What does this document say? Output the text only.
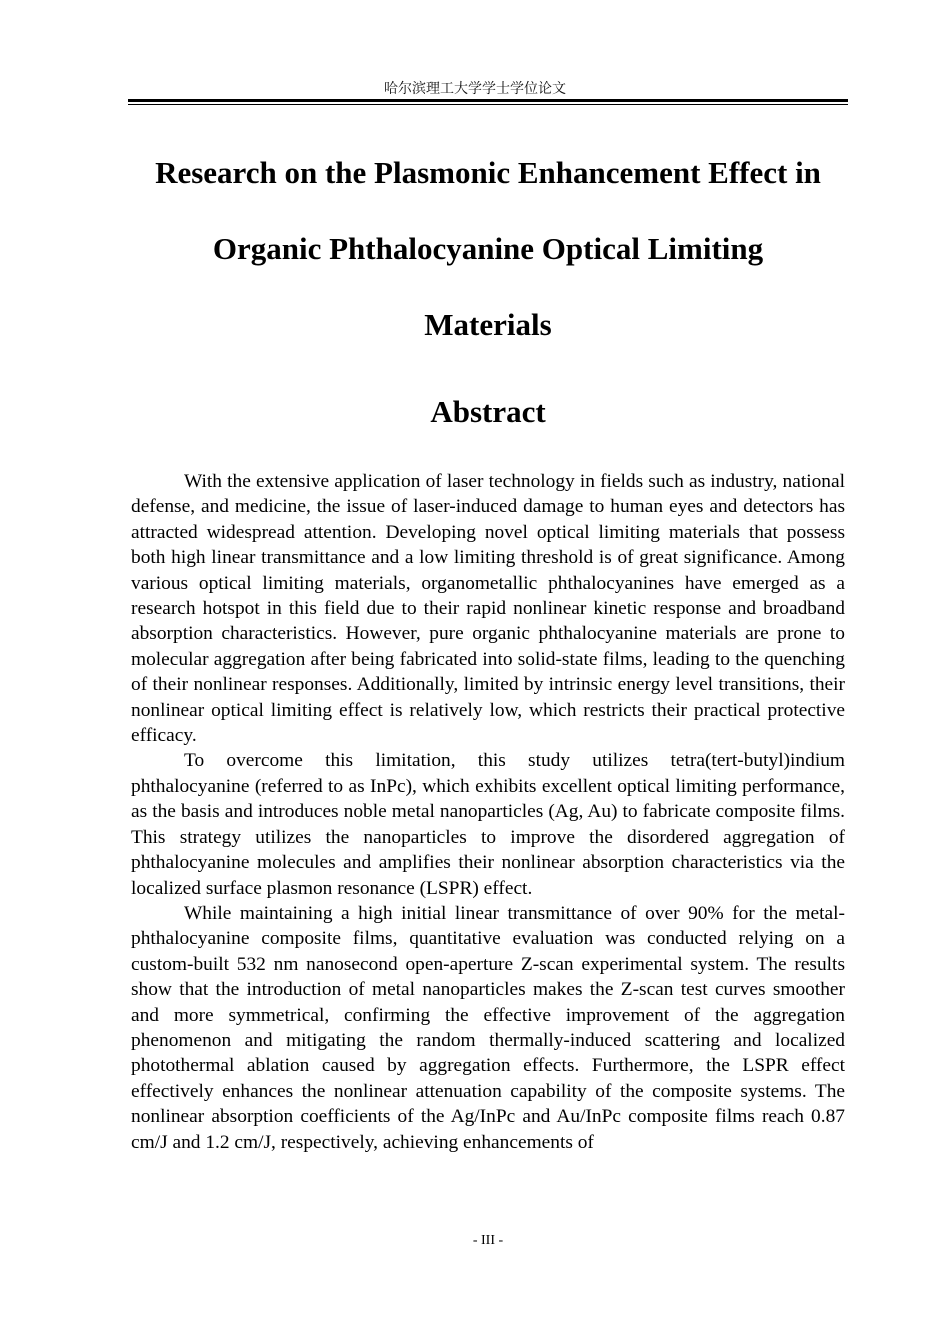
哈尔滨理工大学学士学位论文
Research on the Plasmonic Enhancement Effect in
Organic Phthalocyanine Optical Limiting
Materials
Abstract

With the extensive application of laser technology in fields such as industry, national defense, and medicine, the issue of laser-induced damage to human eyes and detectors has attracted widespread attention. Developing novel optical limiting materials that possess both high linear transmittance and a low limiting threshold is of great significance. Among various optical limiting materials, organometallic phthalocyanines have emerged as a research hotspot in this field due to their rapid nonlinear kinetic response and broadband absorption characteristics. However, pure organic phthalocyanine materials are prone to molecular aggregation after being fabricated into solid-state films, leading to the quenching of their nonlinear responses. Additionally, limited by intrinsic energy level transitions, their nonlinear optical limiting effect is relatively low, which restricts their practical protective efficacy.

To overcome this limitation, this study utilizes tetra(tert-butyl)indium phthalocyanine (referred to as InPc), which exhibits excellent optical limiting performance, as the basis and introduces noble metal nanoparticles (Ag, Au) to fabricate composite films. This strategy utilizes the nanoparticles to improve the disordered aggregation of phthalocyanine molecules and amplifies their nonlinear absorption characteristics via the localized surface plasmon resonance (LSPR) effect.

While maintaining a high initial linear transmittance of over 90% for the metal-phthalocyanine composite films, quantitative evaluation was conducted relying on a custom-built 532 nm nanosecond open-aperture Z-scan experimental system. The results show that the introduction of metal nanoparticles makes the Z-scan test curves smoother and more symmetrical, confirming the effective improvement of the aggregation phenomenon and mitigating the random thermally-induced scattering and localized photothermal ablation caused by aggregation effects. Furthermore, the LSPR effect effectively enhances the nonlinear attenuation capability of the composite systems. The nonlinear absorption coefficients of the Ag/InPc and Au/InPc composite films reach 0.87 cm/J and 1.2 cm/J, respectively, achieving enhancements of

- III -
